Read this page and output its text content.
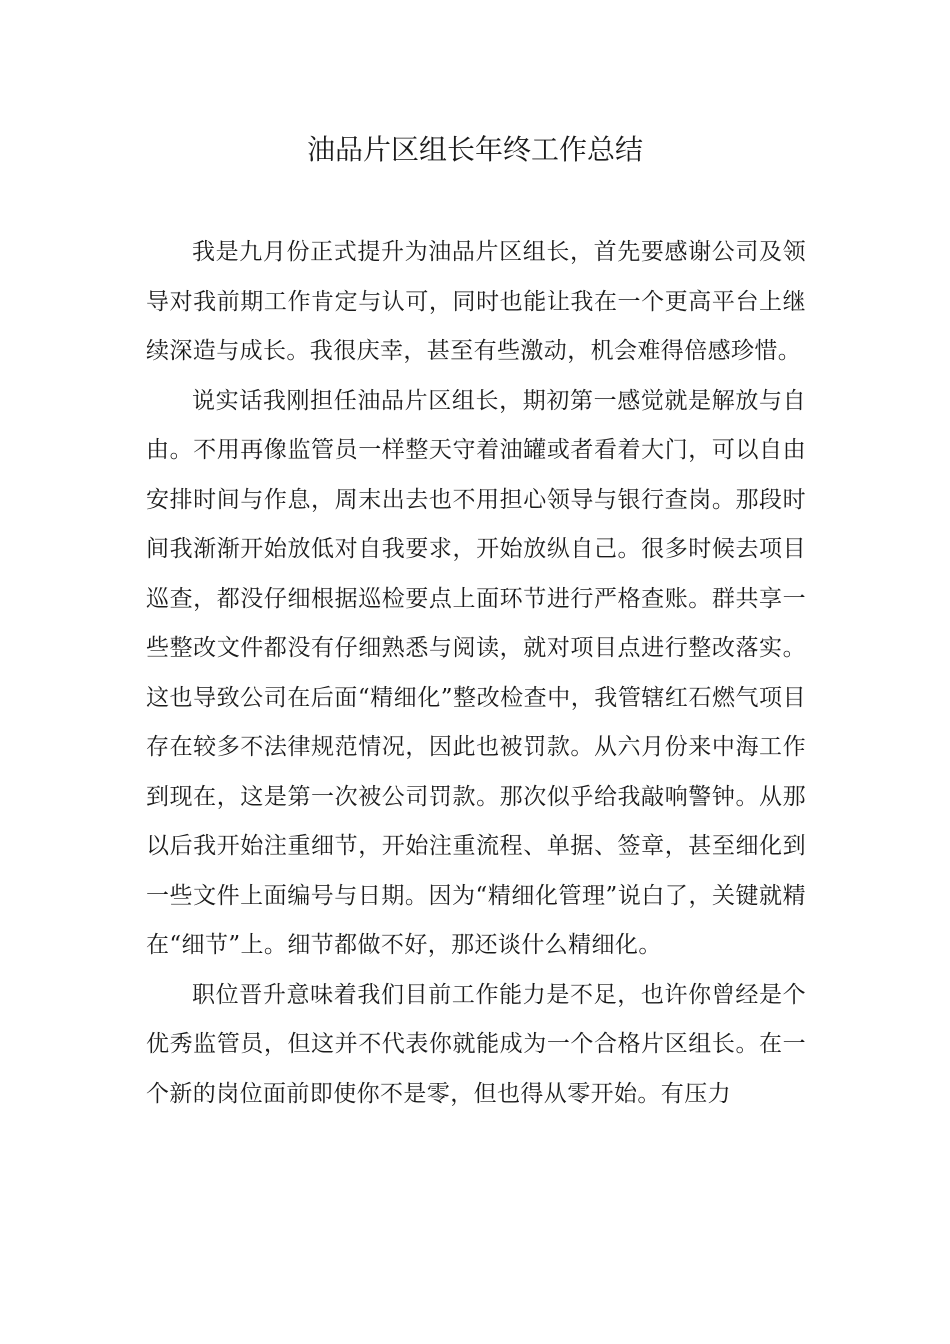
油品片区组长年终工作总结

我是九月份正式提升为油品片区组长，首先要感谢公司及领导对我前期工作肯定与认可，同时也能让我在一个更高平台上继续深造与成长。我很庆幸，甚至有些激动，机会难得倍感珍惜。

说实话我刚担任油品片区组长，期初第一感觉就是解放与自由。不用再像监管员一样整天守着油罐或者看着大门，可以自由安排时间与作息，周末出去也不用担心领导与银行查岗。那段时间我渐渐开始放低对自我要求，开始放纵自己。很多时候去项目巡查，都没仔细根据巡检要点上面环节进行严格查账。群共享一些整改文件都没有仔细熟悉与阅读，就对项目点进行整改落实。这也导致公司在后面“精细化”整改检查中，我管辖红石燃气项目存在较多不法律规范情况，因此也被罚款。从六月份来中海工作到现在，这是第一次被公司罚款。那次似乎给我敲响警钟。从那以后我开始注重细节，开始注重流程、单据、签章，甚至细化到一些文件上面编号与日期。因为“精细化管理”说白了，关键就精在“细节”上。细节都做不好，那还谈什么精细化。

职位晋升意味着我们目前工作能力是不足，也许你曾经是个优秀监管员，但这并不代表你就能成为一个合格片区组长。在一个新的岗位面前即使你不是零，但也得从零开始。有压力
